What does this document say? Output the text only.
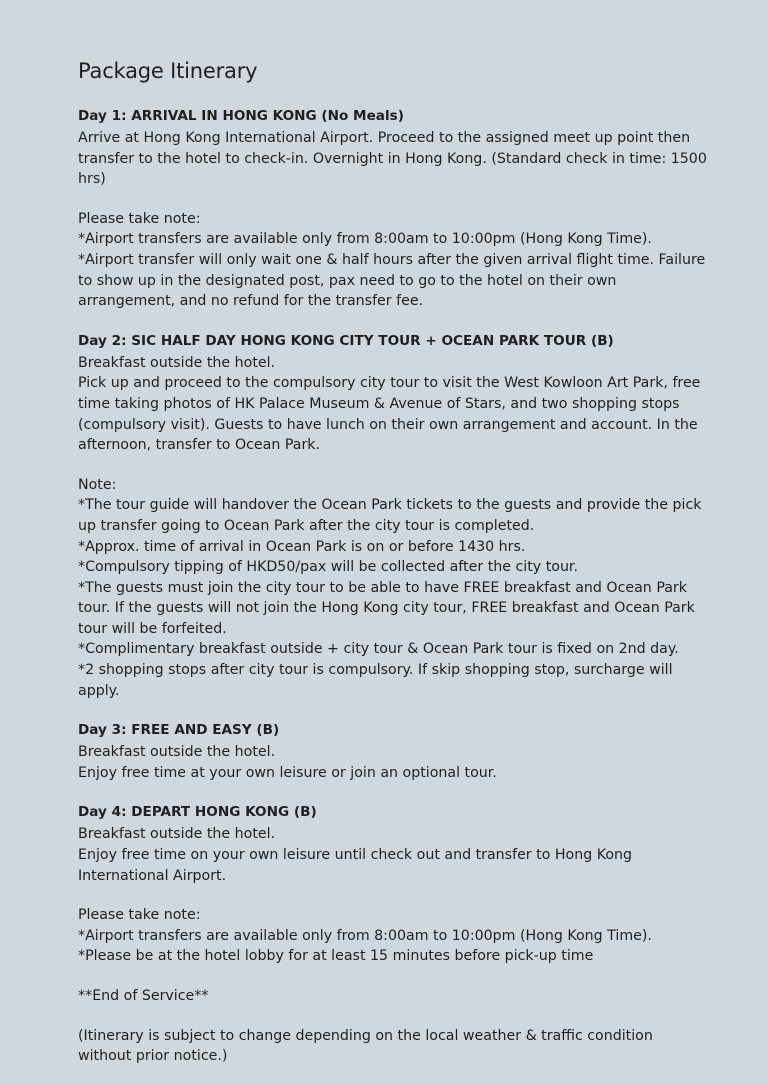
Package Itinerary
Day 1: ARRIVAL IN HONG KONG (No Meals)

Arrive at Hong Kong International Airport. Proceed to the assigned meet up point then transfer to the hotel to check-in. Overnight in Hong Kong. (Standard check in time: 1500 hrs)

Please take note:

*Airport transfers are available only from 8:00am to 10:00pm (Hong Kong Time).

*Airport transfer will only wait one & half hours after the given arrival flight time. Failure to show up in the designated post, pax need to go to the hotel on their own arrangement, and no refund for the transfer fee.

Day 2: SIC HALF DAY HONG KONG CITY TOUR + OCEAN PARK TOUR (B)

Breakfast outside the hotel.

Pick up and proceed to the compulsory city tour to visit the West Kowloon Art Park, free time taking photos of HK Palace Museum & Avenue of Stars, and two shopping stops (compulsory visit). Guests to have lunch on their own arrangement and account. In the afternoon, transfer to Ocean Park.

Note:

*The tour guide will handover the Ocean Park tickets to the guests and provide the pick up transfer going to Ocean Park after the city tour is completed.

*Approx. time of arrival in Ocean Park is on or before 1430 hrs.

*Compulsory tipping of HKD50/pax will be collected after the city tour.

*The guests must join the city tour to be able to have FREE breakfast and Ocean Park tour. If the guests will not join the Hong Kong city tour, FREE breakfast and Ocean Park tour will be forfeited.

*Complimentary breakfast outside + city tour & Ocean Park tour is fixed on 2nd day.

*2 shopping stops after city tour is compulsory. If skip shopping stop, surcharge will apply.

Day 3: FREE AND EASY (B)

Breakfast outside the hotel.

Enjoy free time at your own leisure or join an optional tour.

Day 4: DEPART HONG KONG (B)

Breakfast outside the hotel.

Enjoy free time on your own leisure until check out and transfer to Hong Kong International Airport.

Please take note:

*Airport transfers are available only from 8:00am to 10:00pm (Hong Kong Time).

*Please be at the hotel lobby for at least 15 minutes before pick-up time

**End of Service**

(Itinerary is subject to change depending on the local weather & traffic condition without prior notice.)
